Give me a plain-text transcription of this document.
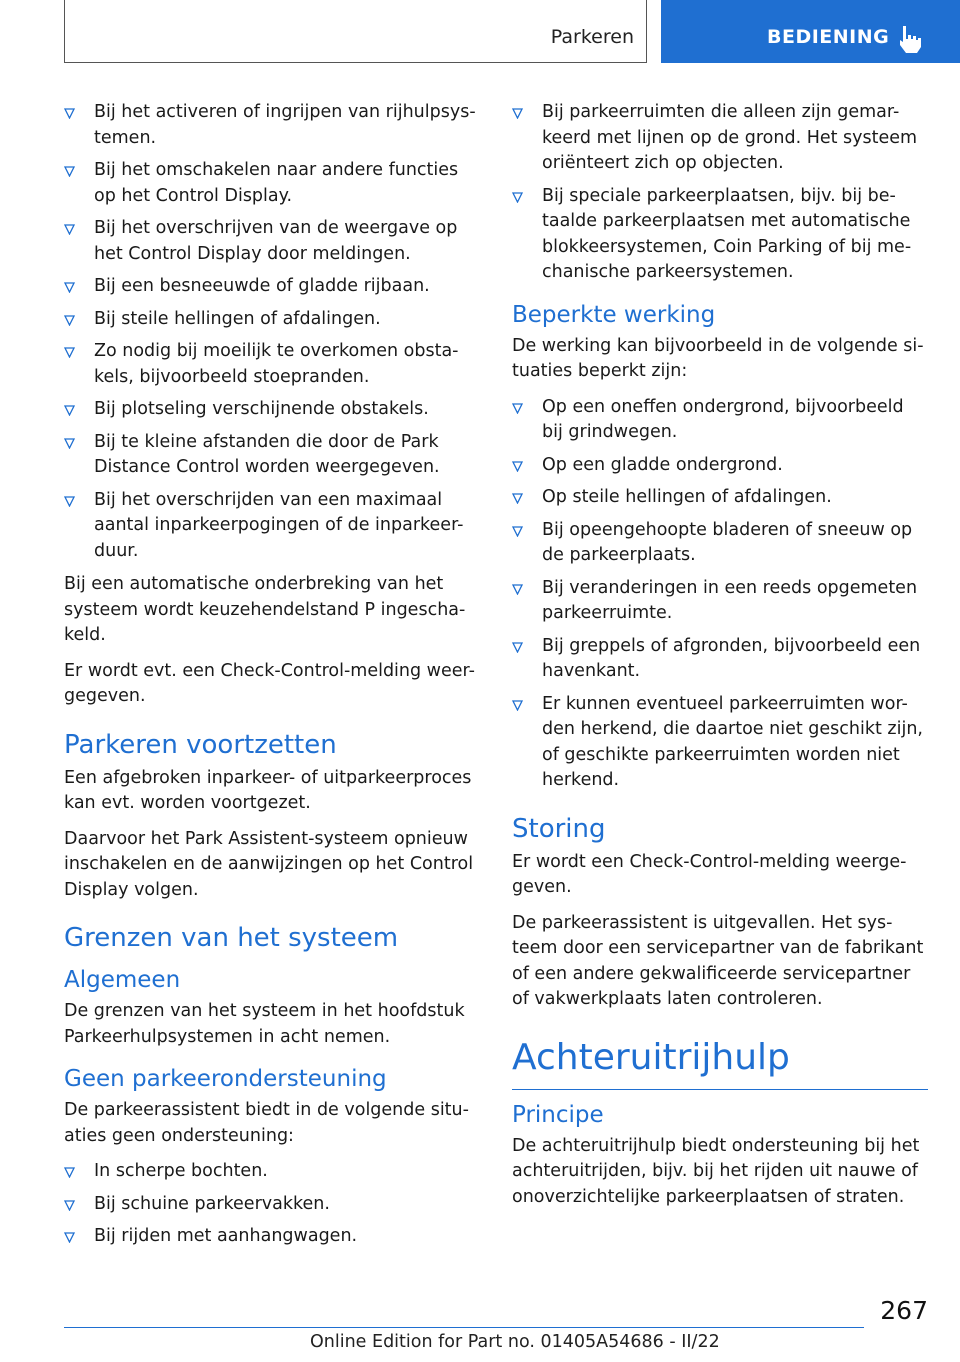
Parkeren	BEDIENING
Bij het activeren of ingrijpen van rijhulpsys-temen.
Bij het omschakelen naar andere functies op het Control Display.
Bij het overschrijven van de weergave op het Control Display door meldingen.
Bij een besneeuwde of gladde rijbaan.
Bij steile hellingen of afdalingen.
Zo nodig bij moeilijk te overkomen obsta-kels, bijvoorbeeld stoepranden.
Bij plotseling verschijnende obstakels.
Bij te kleine afstanden die door de Park Distance Control worden weergegeven.
Bij het overschrijden van een maximaal aantal inparkeerpogingen of de inparkeer-duur.

Bij een automatische onderbreking van het systeem wordt keuzehendelstand P ingescha-keld.

Er wordt evt. een Check-Control-melding weer-gegeven.

Parkeren voortzetten

Een afgebroken inparkeer- of uitparkeerproces kan evt. worden voortgezet.

Daarvoor het Park Assistent-systeem opnieuw inschakelen en de aanwijzingen op het Control Display volgen.

Grenzen van het systeem
Algemeen

De grenzen van het systeem in het hoofdstuk Parkeerhulpsystemen in acht nemen.

Geen parkeerondersteuning

De parkeerassistent biedt in de volgende situ-aties geen ondersteuning:

In scherpe bochten.
Bij schuine parkeervakken.
Bij rijden met aanhangwagen.
Bij parkeerruimten die alleen zijn gemar-keerd met lijnen op de grond. Het systeem oriënteert zich op objecten.
Bij speciale parkeerplaatsen, bijv. bij be-taalde parkeerplaatsen met automatische blokkeersystemen, Coin Parking of bij me-chanische parkeersystemen.
Beperkte werking

De werking kan bijvoorbeeld in de volgende si-tuaties beperkt zijn:

Op een oneffen ondergrond, bijvoorbeeld bij grindwegen.
Op een gladde ondergrond.
Op steile hellingen of afdalingen.
Bij opeengehoopte bladeren of sneeuw op de parkeerplaats.
Bij veranderingen in een reeds opgemeten parkeerruimte.
Bij greppels of afgronden, bijvoorbeeld een havenkant.
Er kunnen eventueel parkeerruimten wor-den herkend, die daartoe niet geschikt zijn, of geschikte parkeerruimten worden niet herkend.
Storing

Er wordt een Check-Control-melding weerge-geven.

De parkeerassistent is uitgevallen. Het sys-teem door een servicepartner van de fabrikant of een andere gekwalificeerde servicepartner of vakwerkplaats laten controleren.

Achteruitrijhulp
Principe

De achteruitrijhulp biedt ondersteuning bij het achteruitrijden, bijv. bij het rijden uit nauwe of onoverzichtelijke parkeerplaatsen of straten.

267
Online Edition for Part no. 01405A54686 - II/22
